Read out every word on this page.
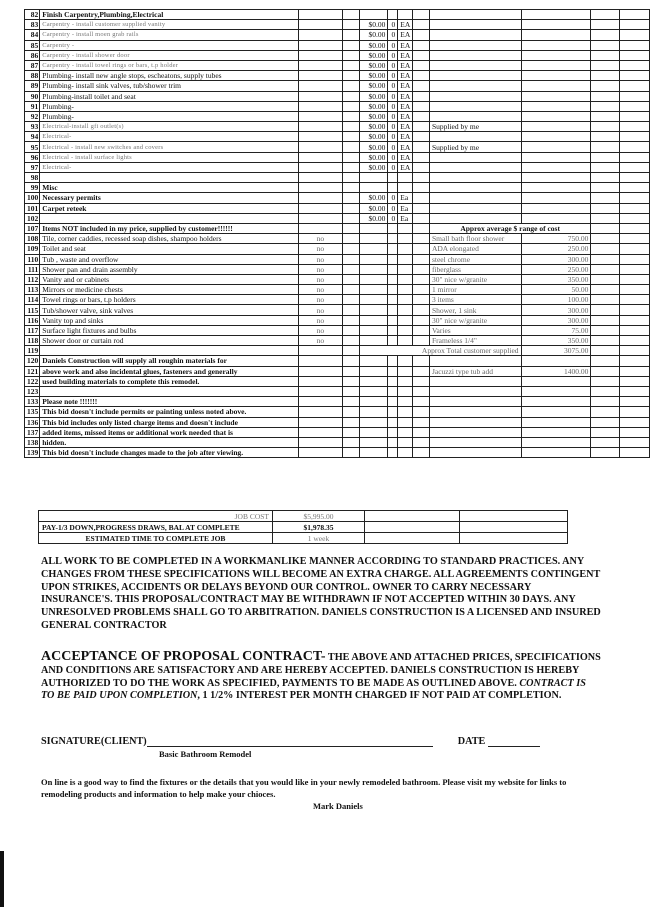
82	Finish Carpentry,Plumbing,Electrical										
83	Carpentry - install customer supplied vanity			$0.00	0	EA					
84	Carpentry - install moen grab rails			$0.00	0	EA					
85	Carpentry -			$0.00	0	EA					
86	Carpentry - install shower door			$0.00	0	EA					
87	Carpentry - install towel rings or bars, t.p holder			$0.00	0	EA					
88	Plumbing- install new angle stops, escheatons, supply tubes			$0.00	0	EA					
89	Plumbing- install sink valves, tub/shower trim			$0.00	0	EA					
90	Plumbing-install toilet and seat			$0.00	0	EA					
91	Plumbing-			$0.00	0	EA					
92	Plumbing-			$0.00	0	EA					
93	Electrical-install gfi outlet(s)			$0.00	0	EA		Supplied by me			
94	Electrical-			$0.00	0	EA					
95	Electrical - install new switches and covers			$0.00	0	EA		Supplied by me			
96	Electrical - install surface lights			$0.00	0	EA					
97	Electrical-			$0.00	0	EA					
98											
99	Misc										
100	Necessary permits			$0.00	0	Ea					
101	Carpet reteek			$0.00	0	Ea					
102				$0.00	0	Ea					
107	Items NOT included in my price, supplied by customer!!!!!!							Approx average $ range of cost			
108	Tile, corner caddies, recessed soap dishes, shampoo holders	no						Small bath floor shower	750.00		
109	Toilet and seat	no						ADA elongated	250.00		
110	Tub , waste and overflow	no						steel chrome	300.00		
111	Shower pan and drain assembly	no						fiberglass	250.00		
112	Vanity and or cabinets	no						30" nice w/granite	350.00		
113	Mirrors or medicine chests	no						1 mirror	50.00		
114	Towel rings or bars, t.p holders	no						3 items	100.00		
115	Tub/shower valve, sink valves	no						Shower, 1 sink	300.00		
116	Vanity top and sinks	no						30" nice w/granite	300.00		
117	Surface light fixtures and bulbs	no						Varies	75.00		
118	Shower door or curtain rod	no						Frameless 1/4"	350.00		
119				Approx Total customer supplied					3075.00		
120	Daniels Construction will supply all roughin materials for										
121	above work and also incidental glues, fasteners and generally							Jacuzzi type tub add	1400.00		
122	used building materials to complete this remodel.										
123											
133	Please note !!!!!!!										
135	This bid doesn't include permits or painting unless noted above.										
136	This bid includes only listed charge items and doesn't include										
137	added items, missed items or additional work needed that is										
138	hidden.										
139	This bid doesn't include changes made to the job after viewing.										
JOB COST	$5,995.00		
PAY-1/3 DOWN,PROGRESS DRAWS, BAL AT COMPLETE	$1,978.35		
ESTIMATED TIME TO COMPLETE JOB	1 week		
ALL WORK TO BE COMPLETED IN A WORKMANLIKE MANNER ACCORDING TO STANDARD PRACTICES. ANY CHANGES FROM THESE SPECIFICATIONS WILL BECOME AN EXTRA CHARGE. ALL AGREEMENTS CONTINGENT UPON STRIKES, ACCIDENTS OR DELAYS BEYOND OUR CONTROL. OWNER TO CARRY NECESSARY INSURANCE'S. THIS PROPOSAL/CONTRACT MAY BE WITHDRAWN IF NOT ACCEPTED WITHIN 30 DAYS. ANY UNRESOLVED PROBLEMS SHALL GO TO ARBITRATION. DANIELS CONSTRUCTION IS A LICENSED AND INSURED GENERAL CONTRACTOR
ACCEPTANCE OF PROPOSAL CONTRACT- THE ABOVE AND ATTACHED PRICES, SPECIFICATIONS AND CONDITIONS ARE SATISFACTORY AND ARE HEREBY ACCEPTED. DANIELS CONSTRUCTION IS HEREBY AUTHORIZED TO DO THE WORK AS SPECIFIED, PAYMENTS TO BE MADE AS OUTLINED ABOVE. CONTRACT IS TO BE PAID UPON COMPLETION, 1 1/2% INTEREST PER MONTH CHARGED IF NOT PAID AT COMPLETION.
SIGNATURE(CLIENT)	DATE
Basic Bathroom Remodel
On line is a good way to find the fixtures or the details that you would like in your newly remodeled bathroom. Please visit my website for links to remodeling products and information to help make your chioces.
Mark Daniels
